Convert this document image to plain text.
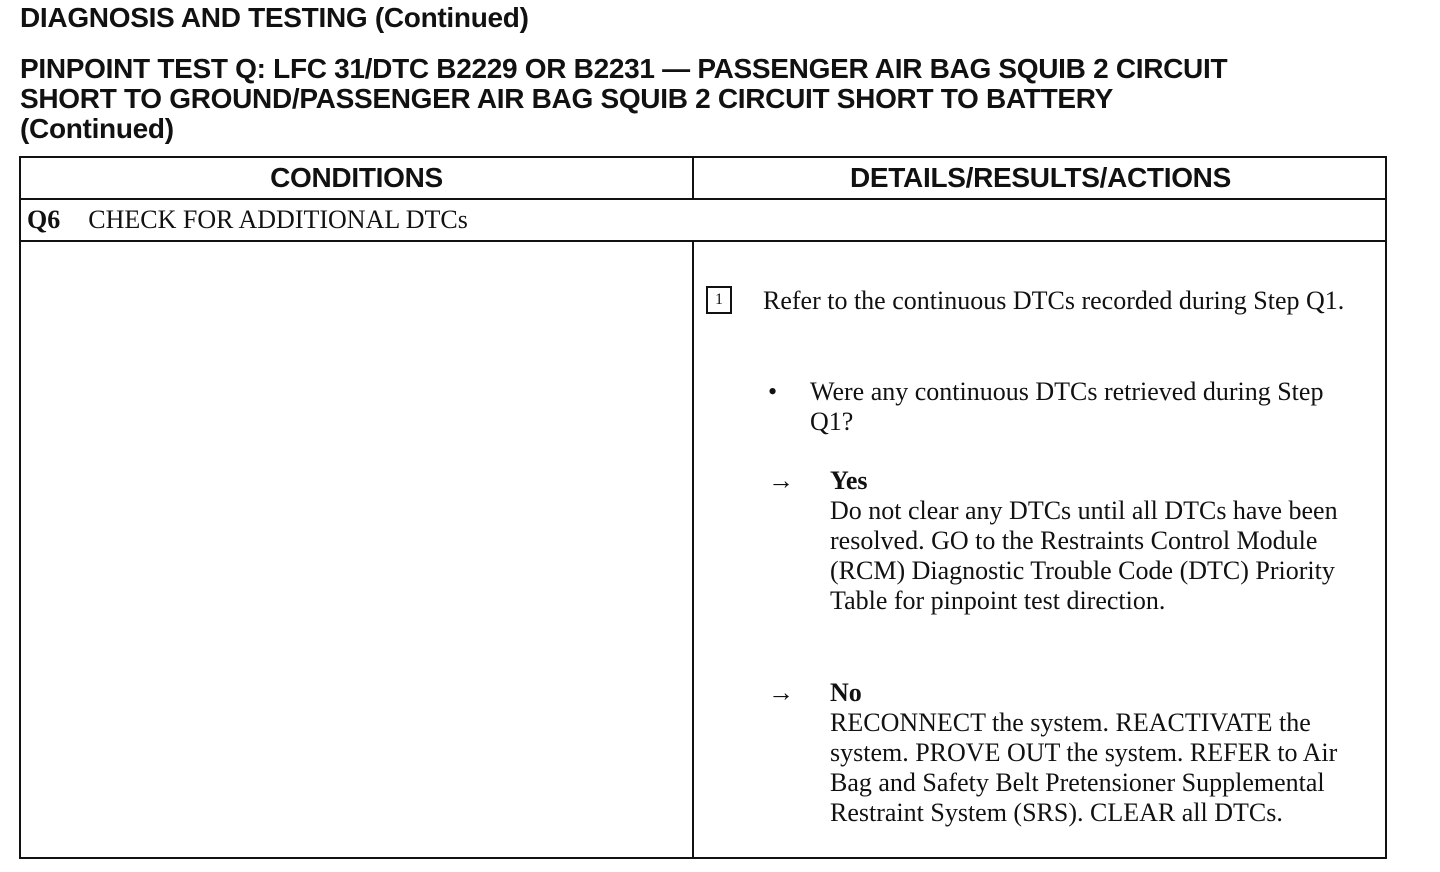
DIAGNOSIS AND TESTING (Continued)
PINPOINT TEST Q: LFC 31/DTC B2229 OR B2231 — PASSENGER AIR BAG SQUIB 2 CIRCUIT
SHORT TO GROUND/PASSENGER AIR BAG SQUIB 2 CIRCUIT SHORT TO BATTERY
(Continued)
CONDITIONS	DETAILS/RESULTS/ACTIONS
Q6 CHECK FOR ADDITIONAL DTCs
1	Refer to the continuous DTCs recorded during Step Q1.
• Were any continuous DTCs retrieved during Step Q1?
→ Yes
Do not clear any DTCs until all DTCs have been resolved. GO to the Restraints Control Module (RCM) Diagnostic Trouble Code (DTC) Priority Table for pinpoint test direction.
→ No
RECONNECT the system. REACTIVATE the system. PROVE OUT the system. REFER to Air Bag and Safety Belt Pretensioner Supplemental Restraint System (SRS). CLEAR all DTCs.
